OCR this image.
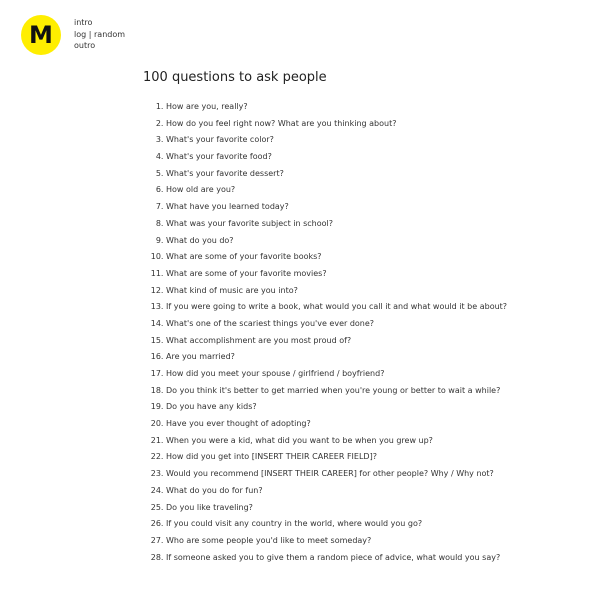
M	intro
log | random
outro
100 questions to ask people
1. How are you, really?
2. How do you feel right now? What are you thinking about?
3. What's your favorite color?
4. What's your favorite food?
5. What's your favorite dessert?
6. How old are you?
7. What have you learned today?
8. What was your favorite subject in school?
9. What do you do?
10. What are some of your favorite books?
11. What are some of your favorite movies?
12. What kind of music are you into?
13. If you were going to write a book, what would you call it and what would it be about?
14. What's one of the scariest things you've ever done?
15. What accomplishment are you most proud of?
16. Are you married?
17. How did you meet your spouse / girlfriend / boyfriend?
18. Do you think it's better to get married when you're young or better to wait a while?
19. Do you have any kids?
20. Have you ever thought of adopting?
21. When you were a kid, what did you want to be when you grew up?
22. How did you get into [INSERT THEIR CAREER FIELD]?
23. Would you recommend [INSERT THEIR CAREER] for other people? Why / Why not?
24. What do you do for fun?
25. Do you like traveling?
26. If you could visit any country in the world, where would you go?
27. Who are some people you'd like to meet someday?
28. If someone asked you to give them a random piece of advice, what would you say?
